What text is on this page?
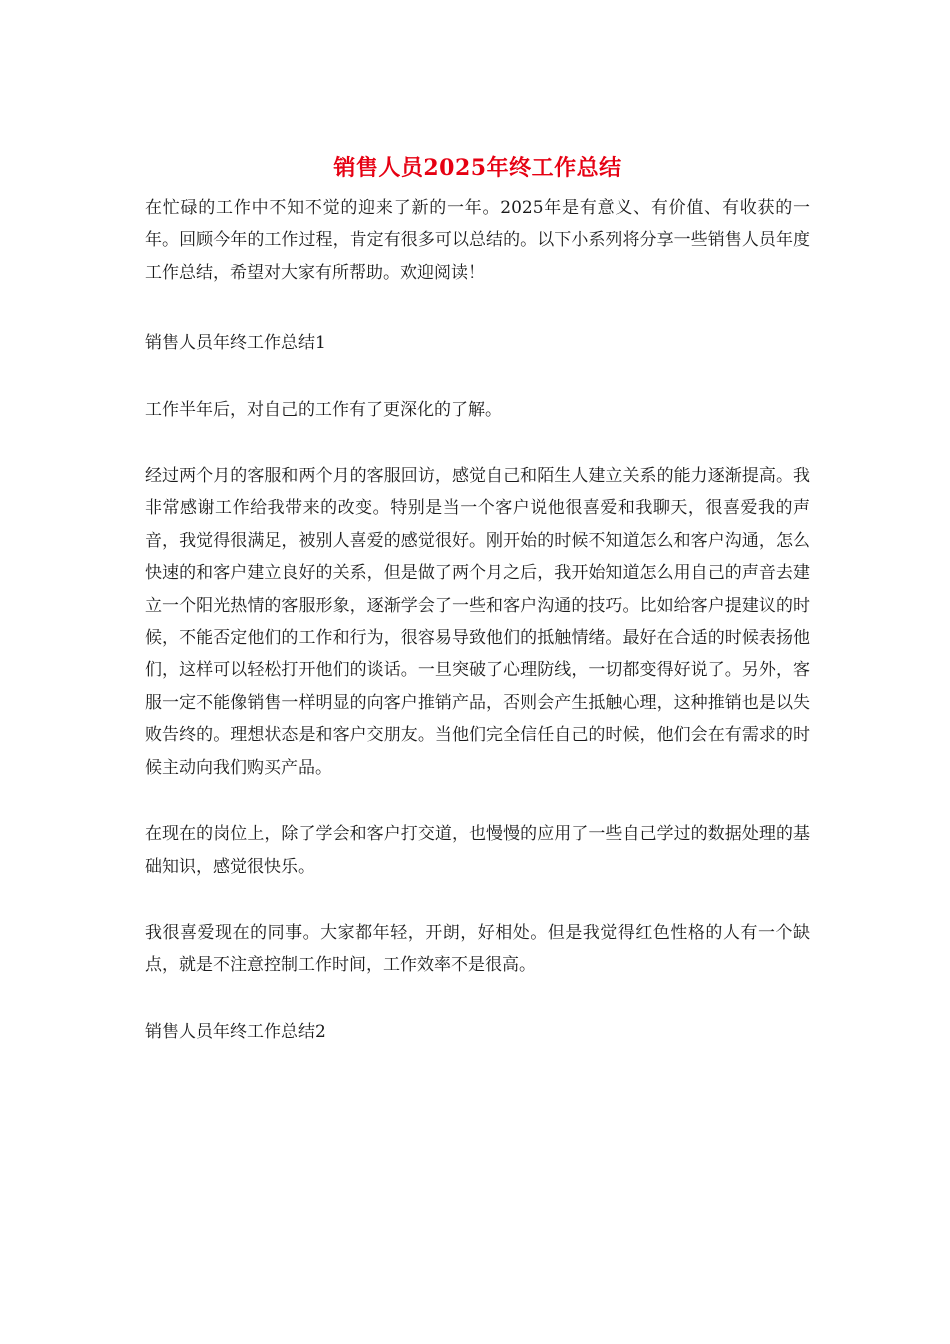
销售人员2025年终工作总结

在忙碌的工作中不知不觉的迎来了新的一年。2025年是有意义、有价值、有收获的一年。回顾今年的工作过程，肯定有很多可以总结的。以下小系列将分享一些销售人员年度工作总结，希望对大家有所帮助。欢迎阅读！

销售人员年终工作总结1

工作半年后，对自己的工作有了更深化的了解。

经过两个月的客服和两个月的客服回访，感觉自己和陌生人建立关系的能力逐渐提高。我非常感谢工作给我带来的改变。特别是当一个客户说他很喜爱和我聊天，很喜爱我的声音，我觉得很满足，被别人喜爱的感觉很好。刚开始的时候不知道怎么和客户沟通，怎么快速的和客户建立良好的关系，但是做了两个月之后，我开始知道怎么用自己的声音去建立一个阳光热情的客服形象，逐渐学会了一些和客户沟通的技巧。比如给客户提建议的时候，不能否定他们的工作和行为，很容易导致他们的抵触情绪。最好在合适的时候表扬他们，这样可以轻松打开他们的谈话。一旦突破了心理防线，一切都变得好说了。另外，客服一定不能像销售一样明显的向客户推销产品，否则会产生抵触心理，这种推销也是以失败告终的。理想状态是和客户交朋友。当他们完全信任自己的时候，他们会在有需求的时候主动向我们购买产品。

在现在的岗位上，除了学会和客户打交道，也慢慢的应用了一些自己学过的数据处理的基础知识，感觉很快乐。

我很喜爱现在的同事。大家都年轻，开朗，好相处。但是我觉得红色性格的人有一个缺点，就是不注意控制工作时间，工作效率不是很高。

销售人员年终工作总结2
